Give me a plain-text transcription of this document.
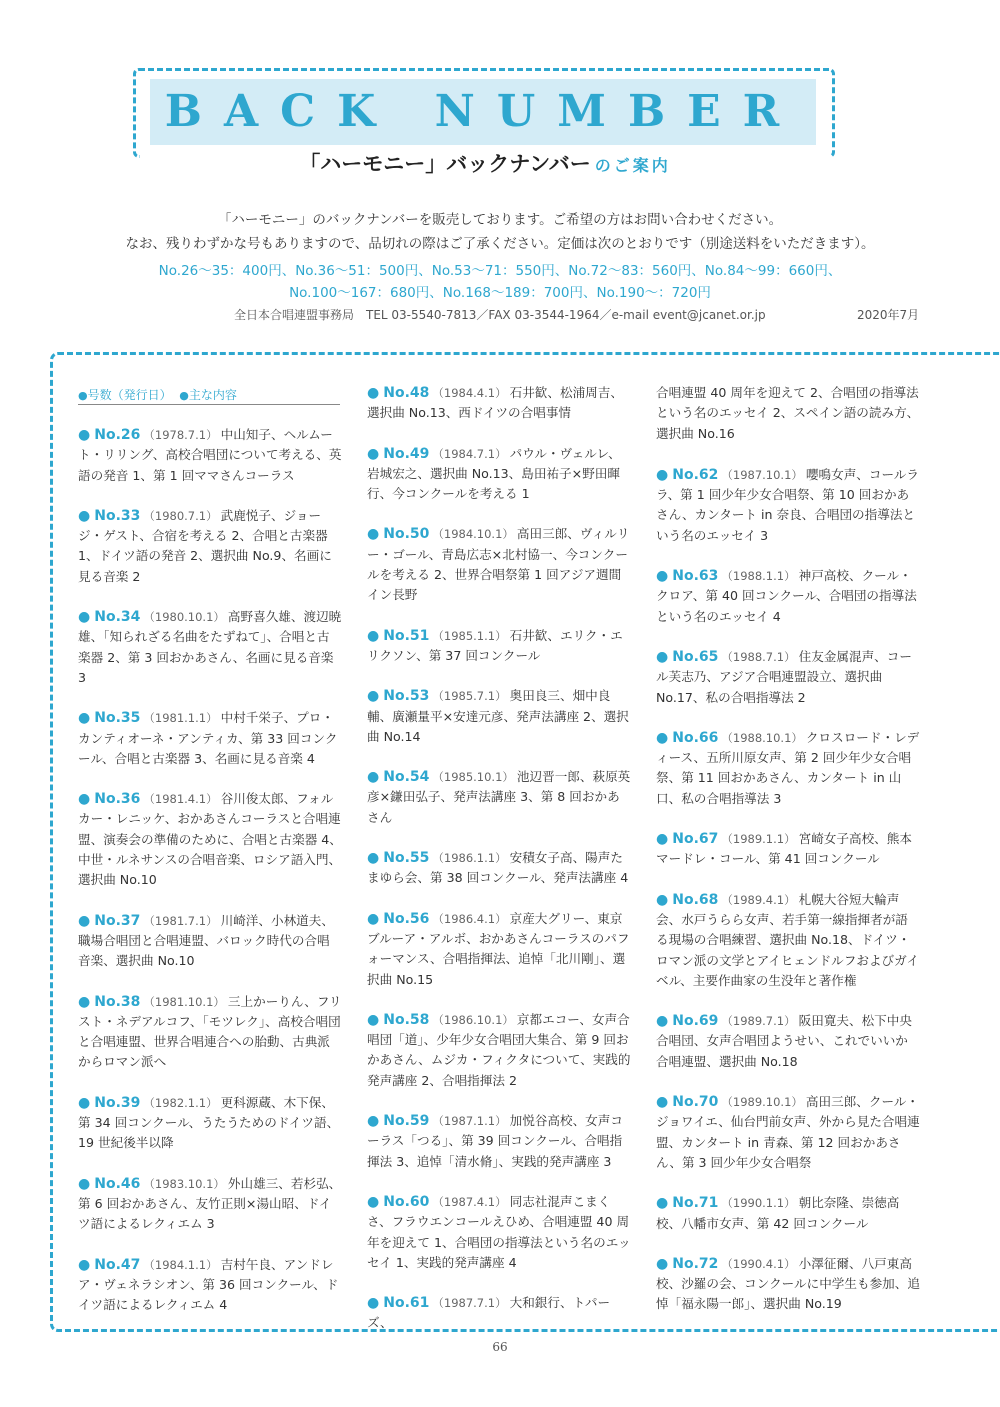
BACK NUMBER
「ハーモニー」バックナンバー のご案内

「ハーモニー」のバックナンバーを販売しております。ご希望の方はお問い合わせください。

なお、残りわずかな号もありますので、品切れの際はご了承ください。定価は次のとおりです（別途送料をいただきます）。

No.26〜35：400円、No.36〜51：500円、No.53〜71：550円、No.72〜83：560円、No.84〜99：660円、

No.100〜167：680円、No.168〜189：700円、No.190〜：720円

全日本合唱連盟事務局　TEL 03-5540-7813／FAX 03-3544-1964／e-mail event@jcanet.or.jp	2020年7月
●号数（発行日） ●主な内容

● No.26 （1978.7.1） 中山知子、ヘルムート・リリング、高校合唱団について考える、英語の発音 1、第 1 回ママさんコーラス

● No.33 （1980.7.1） 武鹿悦子、ジョージ・ゲスト、合宿を考える 2、合唱と古楽器 1、ドイツ語の発音 2、選択曲 No.9、名画に見る音楽 2

● No.34 （1980.10.1） 高野喜久雄、渡辺暁雄、「知られざる名曲をたずねて」、合唱と古楽器 2、第 3 回おかあさん、名画に見る音楽 3

● No.35 （1981.1.1） 中村千栄子、プロ・カンティオーネ・アンティカ、第 33 回コンクール、合唱と古楽器 3、名画に見る音楽 4

● No.36 （1981.4.1） 谷川俊太郎、フォルカー・レニッケ、おかあさんコーラスと合唱連盟、演奏会の準備のために、合唱と古楽器 4、中世・ルネサンスの合唱音楽、ロシア語入門、選択曲 No.10

● No.37 （1981.7.1） 川崎洋、小林道夫、職場合唱団と合唱連盟、バロック時代の合唱音楽、選択曲 No.10

● No.38 （1981.10.1） 三上かーりん、フリスト・ネデアルコフ、「モツレク」、高校合唱団と合唱連盟、世界合唱連合への胎動、古典派からロマン派へ

● No.39 （1982.1.1） 更科源蔵、木下保、第 34 回コンクール、うたうためのドイツ語、19 世紀後半以降

● No.46 （1983.10.1） 外山雄三、若杉弘、第 6 回おかあさん、友竹正則×湯山昭、ドイツ語によるレクィエム 3

● No.47 （1984.1.1） 吉村午良、アンドレア・ヴェネラシオン、第 36 回コンクール、ドイツ語によるレクィエム 4

● No.48 （1984.4.1） 石井歓、松浦周吉、選択曲 No.13、西ドイツの合唱事情

● No.49 （1984.7.1） パウル・ヴェルレ、岩城宏之、選択曲 No.13、島田祐子×野田暉行、今コンクールを考える 1

● No.50 （1984.10.1） 高田三郎、ヴィルリー・ゴール、青島広志×北村協一、今コンクールを考える 2、世界合唱祭第 1 回アジア週間イン長野

● No.51 （1985.1.1） 石井歓、エリク・エリクソン、第 37 回コンクール

● No.53 （1985.7.1） 奥田良三、畑中良輔、廣瀬量平×安達元彦、発声法講座 2、選択曲 No.14

● No.54 （1985.10.1） 池辺晋一郎、萩原英彦×鎌田弘子、発声法講座 3、第 8 回おかあさん

● No.55 （1986.1.1） 安積女子高、陽声たまゆら会、第 38 回コンクール、発声法講座 4

● No.56 （1986.4.1） 京産大グリー、東京ブルーア・アルボ、おかあさんコーラスのパフォーマンス、合唱指揮法、追悼「北川剛」、選択曲 No.15

● No.58 （1986.10.1） 京都エコー、女声合唱団「道」、少年少女合唱団大集合、第 9 回おかあさん、ムジカ・フィクタについて、実践的発声講座 2、合唱指揮法 2

● No.59 （1987.1.1） 加悦谷高校、女声コーラス「つる」、第 39 回コンクール、合唱指揮法 3、追悼「清水脩」、実践的発声講座 3

● No.60 （1987.4.1） 同志社混声こまくさ、フラウエンコールえひめ、合唱連盟 40 周年を迎えて 1、合唱団の指導法という名のエッセイ 1、実践的発声講座 4

● No.61 （1987.7.1） 大和銀行、トパーズ、

合唱連盟 40 周年を迎えて 2、合唱団の指導法という名のエッセイ 2、スペイン語の読み方、選択曲 No.16

● No.62 （1987.10.1） 嚶鳴女声、コールララ、第 1 回少年少女合唱祭、第 10 回おかあさん、カンタート in 奈良、合唱団の指導法という名のエッセイ 3

● No.63 （1988.1.1） 神戸高校、クール・クロア、第 40 回コンクール、合唱団の指導法という名のエッセイ 4

● No.65 （1988.7.1） 住友金属混声、コール芙志乃、アジア合唱連盟設立、選択曲 No.17、私の合唱指導法 2

● No.66 （1988.10.1） クロスロード・レディース、五所川原女声、第 2 回少年少女合唱祭、第 11 回おかあさん、カンタート in 山口、私の合唱指導法 3

● No.67 （1989.1.1） 宮崎女子高校、熊本マードレ・コール、第 41 回コンクール

● No.68 （1989.4.1） 札幌大谷短大輪声会、水戸うらら女声、若手第一線指揮者が語る現場の合唱練習、選択曲 No.18、ドイツ・ロマン派の文学とアイヒェンドルフおよびガイベル、主要作曲家の生没年と著作権

● No.69 （1989.7.1） 阪田寛夫、松下中央合唱団、女声合唱団ようせい、これでいいか合唱連盟、選択曲 No.18

● No.70 （1989.10.1） 高田三郎、クール・ジョワイエ、仙台門前女声、外から見た合唱連盟、カンタート in 青森、第 12 回おかあさん、第 3 回少年少女合唱祭

● No.71 （1990.1.1） 朝比奈隆、崇徳高校、八幡市女声、第 42 回コンクール

● No.72 （1990.4.1） 小澤征爾、八戸東高校、沙羅の会、コンクールに中学生も参加、追悼「福永陽一郎」、選択曲 No.19

66
